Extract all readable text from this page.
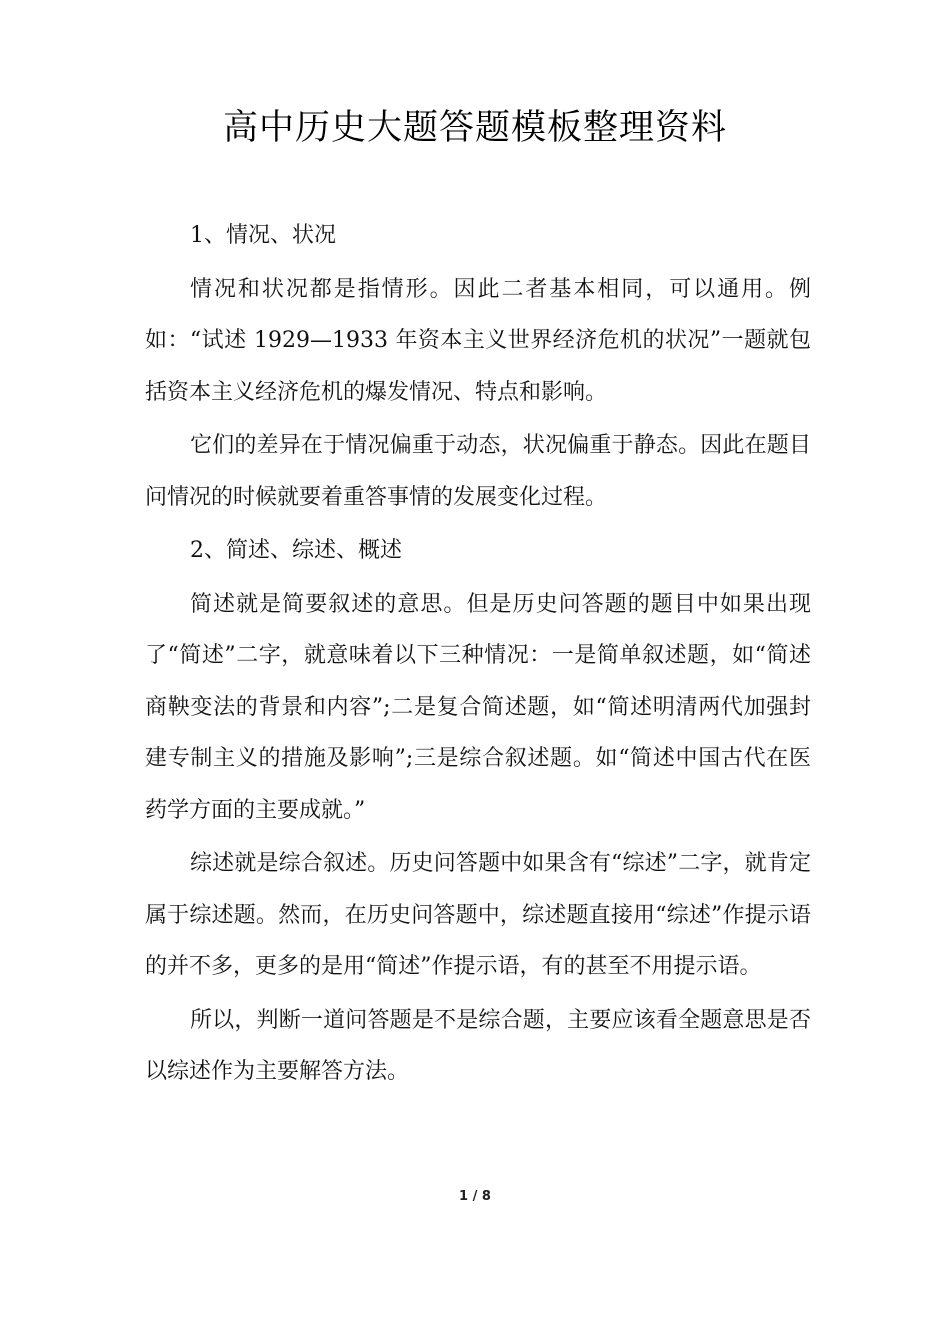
高中历史大题答题模板整理资料

1、情况、状况

情况和状况都是指情形。因此二者基本相同，可以通用。例如：“试述 1929—1933 年资本主义世界经济危机的状况”一题就包括资本主义经济危机的爆发情况、特点和影响。

它们的差异在于情况偏重于动态，状况偏重于静态。因此在题目问情况的时候就要着重答事情的发展变化过程。

2、简述、综述、概述

简述就是简要叙述的意思。但是历史问答题的题目中如果出现了“简述”二字，就意味着以下三种情况：一是简单叙述题，如“简述商鞅变法的背景和内容”;二是复合简述题，如“简述明清两代加强封建专制主义的措施及影响”;三是综合叙述题。如“简述中国古代在医药学方面的主要成就。”

综述就是综合叙述。历史问答题中如果含有“综述”二字，就肯定属于综述题。然而，在历史问答题中，综述题直接用“综述”作提示语的并不多，更多的是用“简述”作提示语，有的甚至不用提示语。

所以，判断一道问答题是不是综合题，主要应该看全题意思是否以综述作为主要解答方法。

1 / 8
